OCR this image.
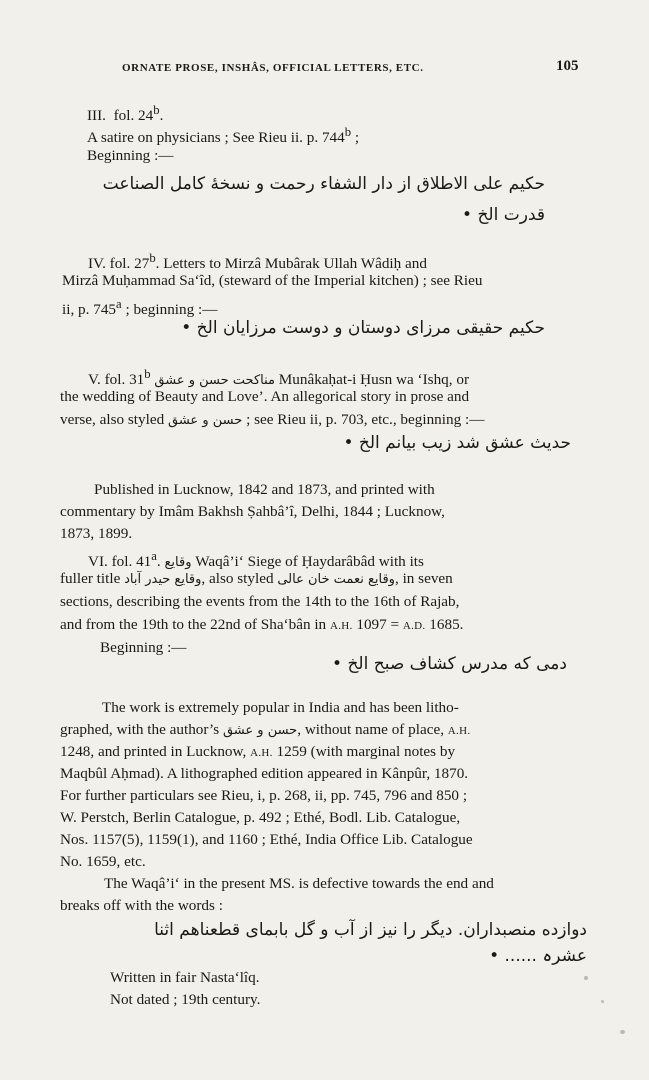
ORNATE PROSE, INSHÂS, OFFICIAL LETTERS, ETC.	105
III. fol. 24$^b$.
A satire on physicians ; See Rieu ii. p. 744$^b$ ;
Beginning :—
حکیم علی الاطلاق از دار الشفاء رحمت و نسخهٔ کامل الصناعت
قدرت الخ •
IV. fol. 27$^b$. Letters to Mirzâ Mubârak Ullah Wâdiḥ and
Mirzâ Muḥammad Sa‘îd, (steward of the Imperial kitchen) ; see Rieu
ii, p. 745$^a$ ; beginning :—
حکیم حقیقی مرزای دوستان و دوست مرزایان الخ •
V. fol. 31$^b$ مناکحت حسن و عشق Munâkaḥat-i Ḥusn wa ‘Ishq, or
the wedding of Beauty and Love’. An allegorical story in prose and
verse, also styled حسن و عشق ; see Rieu ii, p. 703, etc., beginning :—
حدیث عشق شد زیب بیانم الخ •
Published in Lucknow, 1842 and 1873, and printed with
commentary by Imâm Bakhsh Ṣahbâ’î, Delhi, 1844 ; Lucknow,
1873, 1899.
VI. fol. 41$^a$. وقایع Waqâ’i‘ Siege of Ḥaydarâbâd with its
fuller title وقایع حیدر آباد, also styled وقایع نعمت خان عالی, in seven
sections, describing the events from the 14th to the 16th of Rajab,
and from the 19th to the 22nd of Sha‘bân in A.H. 1097 = A.D. 1685.
Beginning :—
دمی که مدرس کشاف صبح الخ •
The work is extremely popular in India and has been litho-
graphed, with the author’s حسن و عشق, without name of place, A.H.
1248, and printed in Lucknow, A.H. 1259 (with marginal notes by
Maqbûl Aḥmad). A lithographed edition appeared in Kânpûr, 1870.
For further particulars see Rieu, i, p. 268, ii, pp. 745, 796 and 850 ;
W. Perstch, Berlin Catalogue, p. 492 ; Ethé, Bodl. Lib. Catalogue,
Nos. 1157(5), 1159(1), and 1160 ; Ethé, India Office Lib. Catalogue
No. 1659, etc.
The Waqâ’i‘ in the present MS. is defective towards the end and
breaks off with the words :
دوازده منصبداران. دیگر را نیز از آب و گل بابمای قطعناهم اثنا
عشرہ ...... •
Written in fair Nasta‘lîq.
Not dated ; 19th century.
